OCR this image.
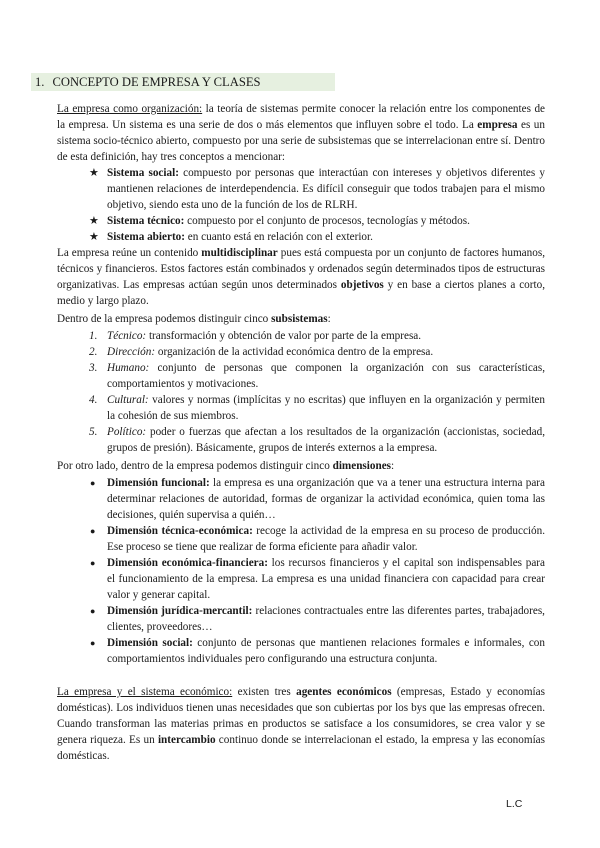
1. CONCEPTO DE EMPRESA Y CLASES
La empresa como organización: la teoría de sistemas permite conocer la relación entre los componentes de la empresa. Un sistema es una serie de dos o más elementos que influyen sobre el todo. La empresa es un sistema socio-técnico abierto, compuesto por una serie de subsistemas que se interrelacionan entre sí. Dentro de esta definición, hay tres conceptos a mencionar:
★ Sistema social: compuesto por personas que interactúan con intereses y objetivos diferentes y mantienen relaciones de interdependencia. Es difícil conseguir que todos trabajen para el mismo objetivo, siendo esta uno de la función de los de RLRH.
★ Sistema técnico: compuesto por el conjunto de procesos, tecnologías y métodos.
★ Sistema abierto: en cuanto está en relación con el exterior.
La empresa reúne un contenido multidisciplinar pues está compuesta por un conjunto de factores humanos, técnicos y financieros. Estos factores están combinados y ordenados según determinados tipos de estructuras organizativas. Las empresas actúan según unos determinados objetivos y en base a ciertos planes a corto, medio y largo plazo.
Dentro de la empresa podemos distinguir cinco subsistemas:
1. Técnico: transformación y obtención de valor por parte de la empresa.
2. Dirección: organización de la actividad económica dentro de la empresa.
3. Humano: conjunto de personas que componen la organización con sus características, comportamientos y motivaciones.
4. Cultural: valores y normas (implícitas y no escritas) que influyen en la organización y permiten la cohesión de sus miembros.
5. Político: poder o fuerzas que afectan a los resultados de la organización (accionistas, sociedad, grupos de presión). Básicamente, grupos de interés externos a la empresa.
Por otro lado, dentro de la empresa podemos distinguir cinco dimensiones:
● Dimensión funcional: la empresa es una organización que va a tener una estructura interna para determinar relaciones de autoridad, formas de organizar la actividad económica, quien toma las decisiones, quién supervisa a quién…
● Dimensión técnica-económica: recoge la actividad de la empresa en su proceso de producción. Ese proceso se tiene que realizar de forma eficiente para añadir valor.
● Dimensión económica-financiera: los recursos financieros y el capital son indispensables para el funcionamiento de la empresa. La empresa es una unidad financiera con capacidad para crear valor y generar capital.
● Dimensión jurídica-mercantil: relaciones contractuales entre las diferentes partes, trabajadores, clientes, proveedores…
● Dimensión social: conjunto de personas que mantienen relaciones formales e informales, con comportamientos individuales pero configurando una estructura conjunta.
La empresa y el sistema económico: existen tres agentes económicos (empresas, Estado y economías domésticas). Los individuos tienen unas necesidades que son cubiertas por los bys que las empresas ofrecen. Cuando transforman las materias primas en productos se satisface a los consumidores, se crea valor y se genera riqueza. Es un intercambio continuo donde se interrelacionan el estado, la empresa y las economías domésticas.
L.C
